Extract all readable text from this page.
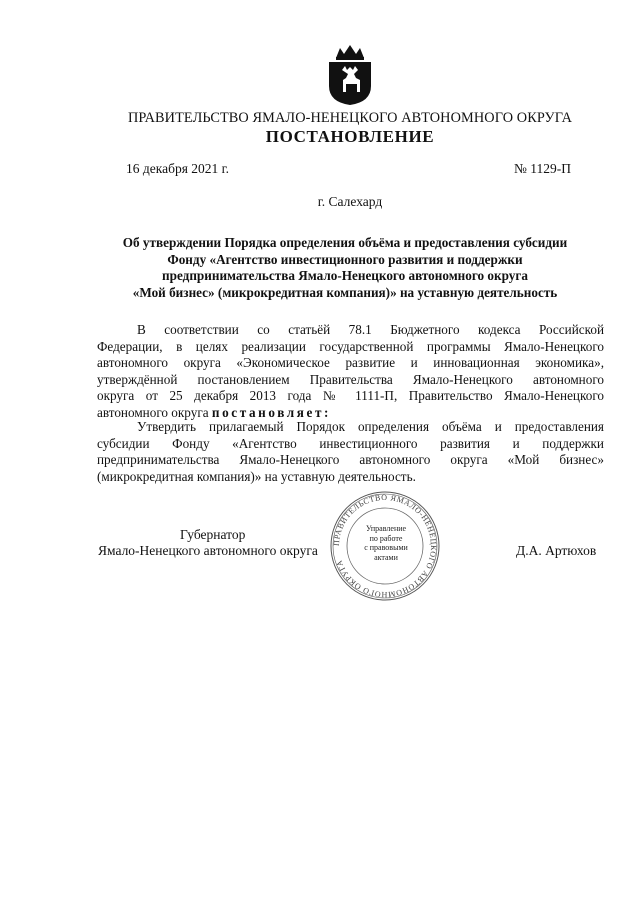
ПРАВИТЕЛЬСТВО ЯМАЛО-НЕНЕЦКОГО АВТОНОМНОГО ОКРУГА
ПОСТАНОВЛЕНИЕ
16 декабря 2021 г.	№ 1129-П
г. Салехард
Об утверждении Порядка определения объёма и предоставления субсидии
Фонду «Агентство инвестиционного развития и поддержки
предпринимательства Ямало-Ненецкого автономного округа
«Мой бизнес» (микрокредитная компания)» на уставную деятельность
В соответствии со статьёй 78.1 Бюджетного кодекса Российской
Федерации, в целях реализации государственной программы Ямало-Ненецкого
автономного округа «Экономическое развитие и инновационная экономика»,
утверждённой постановлением Правительства Ямало-Ненецкого автономного
округа от 25 декабря 2013 года № 1111-П, Правительство Ямало-Ненецкого
автономного округа постановляет:
Утвердить прилагаемый Порядок определения объёма и предоставления
субсидии Фонду «Агентство инвестиционного развития и поддержки
предпринимательства Ямало-Ненецкого автономного округа «Мой бизнес»
(микрокредитная компания)» на уставную деятельность.
Губернатор
Ямало-Ненецкого автономного округа	Д.А. Артюхов
ПРАВИТЕЛЬСТВО ЯМАЛО-НЕНЕЦКОГО АВТОНОМНОГО ОКРУГА
Управление
по работе
с правовыми
актами
